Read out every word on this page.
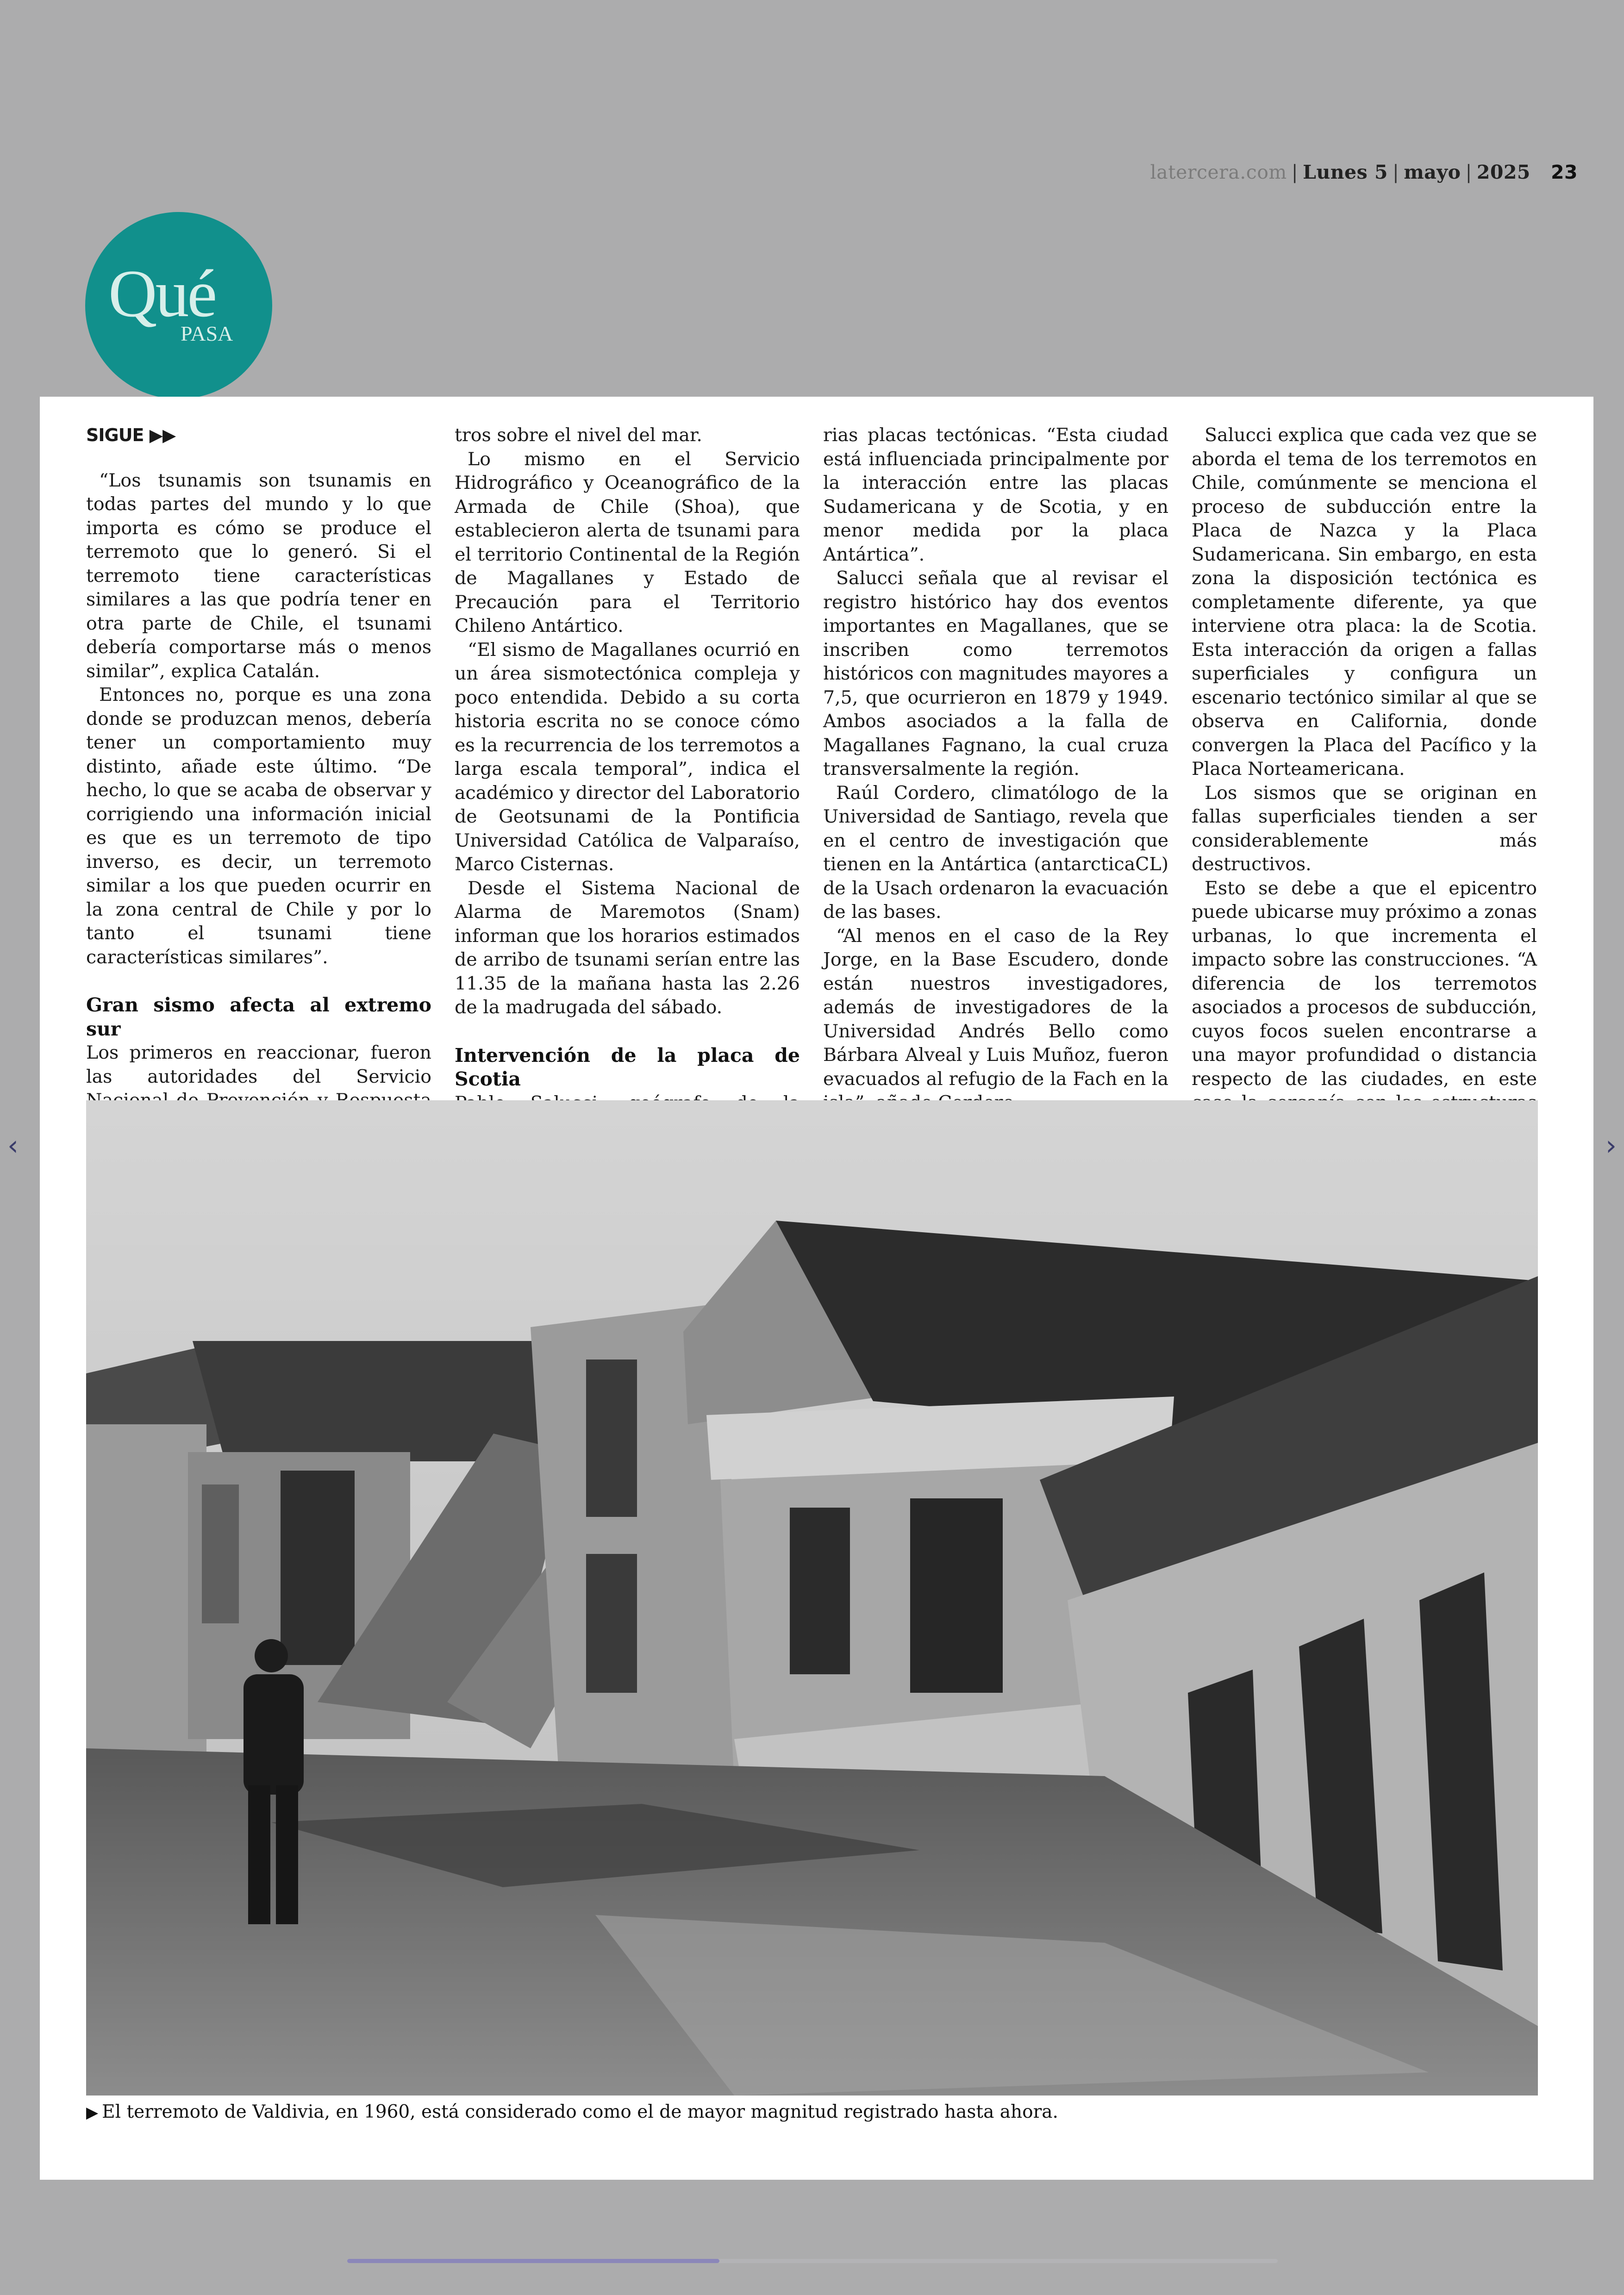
latercera.com | Lunes 5 | mayo | 2025 23
Qué
PASA
SIGUE ▶▶

“Los tsunamis son tsunamis en todas partes del mundo y lo que importa es cómo se produce el terremoto que lo generó. Si el terremoto tiene características similares a las que podría tener en otra parte de Chile, el tsunami debería comportarse más o menos similar”, explica Catalán.

Entonces no, porque es una zona donde se produzcan menos, debería tener un comportamiento muy distinto, añade este último. “De hecho, lo que se acaba de observar y corrigiendo una información inicial es que es un terremoto de tipo inverso, es decir, un terremoto similar a los que pueden ocurrir en la zona central de Chile y por lo tanto el tsunami tiene características similares”.

Gran sismo afecta al extremo sur

Los primeros en reaccionar, fueron las autoridades del Servicio

tros sobre el nivel del mar.

Lo mismo en el Servicio Hidrográfico y Oceanográfico de la Armada de Chile (Shoa), que establecieron alerta de tsunami para el territorio Continental de la Región de Magallanes y Estado de Precaución para el Territorio Chileno Antártico.

“El sismo de Magallanes ocurrió en un área sismotectónica compleja y poco entendida. Debido a su corta historia escrita no se conoce cómo es la recurrencia de los terremotos a larga escala temporal”, indica el académico y director del Laboratorio de Geotsunami de la Pontificia Universidad Católica de Valparaíso, Marco Cisternas.

Desde el Sistema Nacional de Alarma de Maremotos (Snam) informan que los horarios estimados de arribo de tsunami serían entre las 11.35 de la mañana hasta las 2.26 de la madrugada del sábado.

Intervención de la placa de Scotia

rias placas tectónicas. “Esta ciudad está influenciada principalmente por la interacción entre las placas Sudamericana y de Scotia, y en menor medida por la placa Antártica”.

Salucci señala que al revisar el registro histórico hay dos eventos importantes en Magallanes, que se inscriben como terremotos históricos con magnitudes mayores a 7,5, que ocurrieron en 1879 y 1949. Ambos asociados a la falla de Magallanes Fagnano, la cual cruza transversalmente la región.

Raúl Cordero, climatólogo de la Universidad de Santiago, revela que en el centro de investigación que tienen en la Antártica (antarcticaCL) de la Usach ordenaron la evacuación de las bases.

“Al menos en el caso de la Rey Jorge, en la Base Escudero, donde están nuestros investigadores, además de investigadores de la Universidad Andrés Bello como Bárbara Alveal y Luis Muñoz, fueron evacuados al refugio de la Fach en la

Salucci explica que cada vez que se aborda el tema de los terremotos en Chile, comúnmente se menciona el proceso de subducción entre la Placa de Nazca y la Placa Sudamericana. Sin embargo, en esta zona la disposición tectónica es completamente diferente, ya que interviene otra placa: la de Scotia. Esta interacción da origen a fallas superficiales y configura un escenario tectónico similar al que se observa en California, donde convergen la Placa del Pacífico y la Placa Norteamericana.

Los sismos que se originan en fallas superficiales tienden a ser considerablemente más destructivos.

Esto se debe a que el epicentro puede ubicarse muy próximo a zonas urbanas, lo que incrementa el impacto sobre las construcciones. “A diferencia de los terremotos asociados a procesos de subducción, cuyos focos suelen encontrarse a una mayor profundidad o distancia respecto de las ciudades, en este

▶ El terremoto de Valdivia, en 1960, está considerado como el de mayor magnitud registrado hasta ahora.
‹	›
